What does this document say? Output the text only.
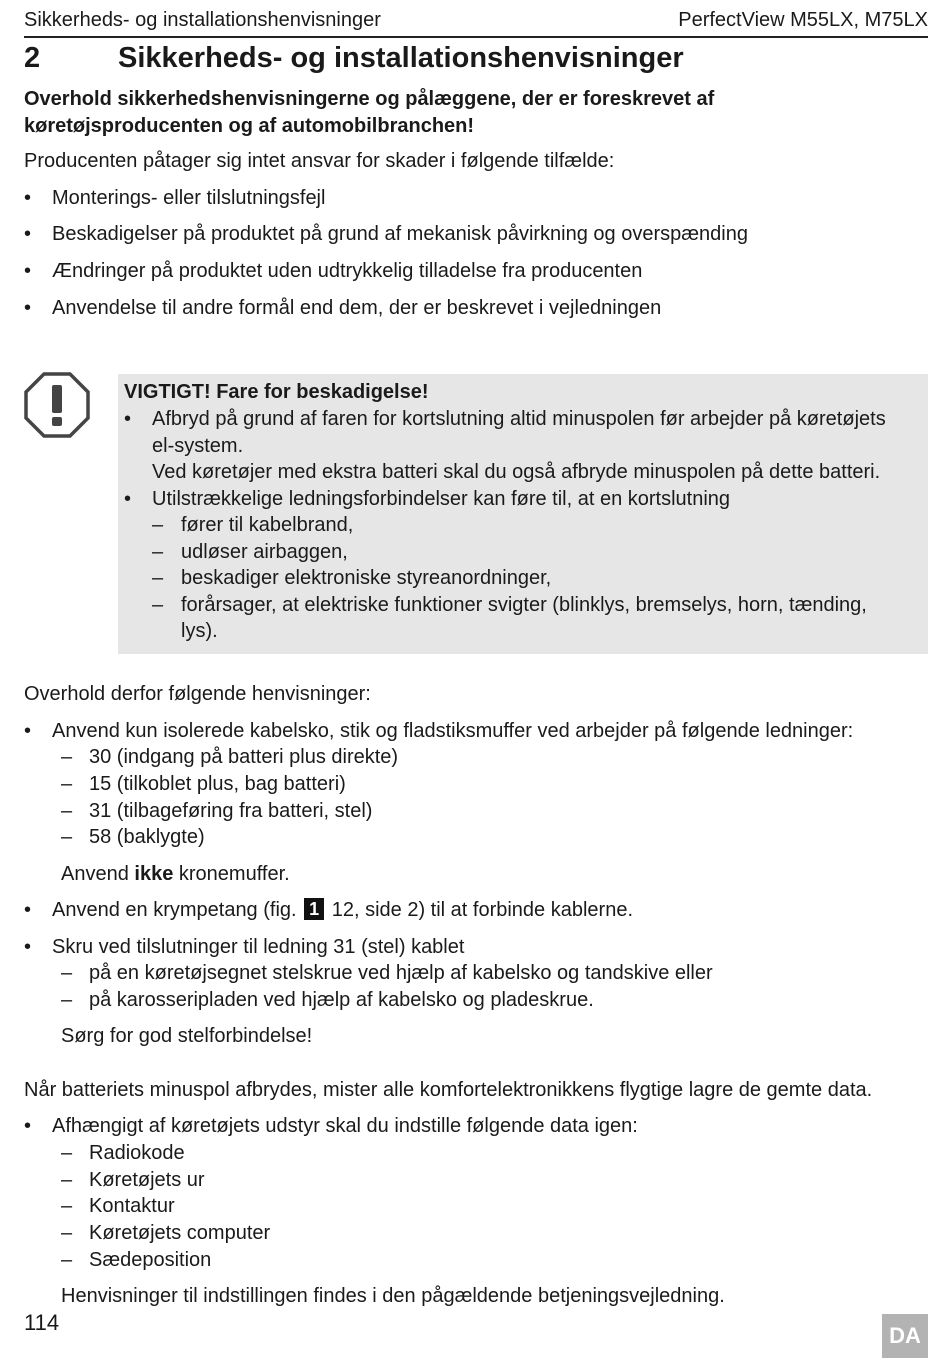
Sikkerheds- og installationshenvisninger	PerfectView M55LX, M75LX
2	Sikkerheds- og installationshenvisninger
Overhold sikkerhedshenvisningerne og pålæggene, der er foreskrevet af køretøjsproducenten og af automobilbranchen!
Producenten påtager sig intet ansvar for skader i følgende tilfælde:
• Monterings- eller tilslutningsfejl
• Beskadigelser på produktet på grund af mekanisk påvirkning og overspænding
• Ændringer på produktet uden udtrykkelig tilladelse fra producenten
• Anvendelse til andre formål end dem, der er beskrevet i vejledningen
VIGTIGT! Fare for beskadigelse!
• Afbryd på grund af faren for kortslutning altid minuspolen før arbejder på køretøjets
el-system.
Ved køretøjer med ekstra batteri skal du også afbryde minuspolen på dette batteri.
• Utilstrækkelige ledningsforbindelser kan føre til, at en kortslutning
– fører til kabelbrand,
– udløser airbaggen,
– beskadiger elektroniske styreanordninger,
– forårsager, at elektriske funktioner svigter (blinklys, bremselys, horn, tænding,
lys).
Overhold derfor følgende henvisninger:
• Anvend kun isolerede kabelsko, stik og fladstiksmuffer ved arbejder på følgende ledninger:
– 30 (indgang på batteri plus direkte)
– 15 (tilkoblet plus, bag batteri)
– 31 (tilbageføring fra batteri, stel)
– 58 (baklygte)
Anvend ikke kronemuffer.
• Anvend en krympetang (fig. 1 12, side 2) til at forbinde kablerne.
• Skru ved tilslutninger til ledning 31 (stel) kablet
– på en køretøjsegnet stelskrue ved hjælp af kabelsko og tandskive eller
– på karosseripladen ved hjælp af kabelsko og pladeskrue.
Sørg for god stelforbindelse!
Når batteriets minuspol afbrydes, mister alle komfortelektronikkens flygtige lagre de gemte data.
• Afhængigt af køretøjets udstyr skal du indstille følgende data igen:
– Radiokode
– Køretøjets ur
– Kontaktur
– Køretøjets computer
– Sædeposition
Henvisninger til indstillingen findes i den pågældende betjeningsvejledning.
114
DA
